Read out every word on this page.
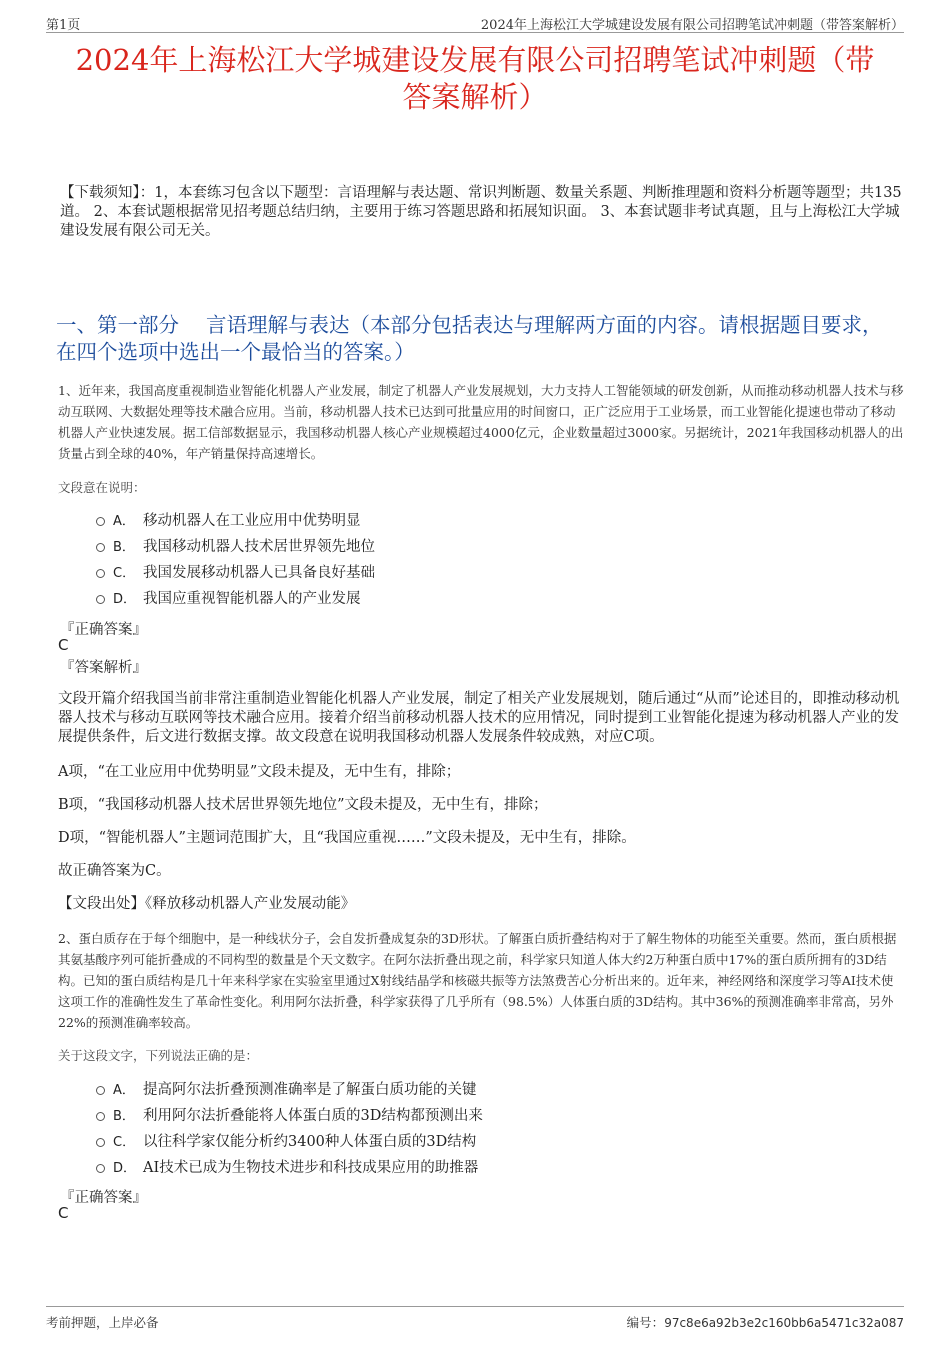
第1页	2024年上海松江大学城建设发展有限公司招聘笔试冲刺题（带答案解析）
2024年上海松江大学城建设发展有限公司招聘笔试冲刺题（带
答案解析）
【下载须知】：1，本套练习包含以下题型：言语理解与表达题、常识判断题、数量关系题、判断推理题和资料分析题等题型；共135道。 2、本套试题根据常见招考题总结归纳，主要用于练习答题思路和拓展知识面。 3、本套试题非考试真题，且与上海松江大学城建设发展有限公司无关。
一、第一部分　 言语理解与表达（本部分包括表达与理解两方面的内容。请根据题目要求，在四个选项中选出一个最恰当的答案。）
1、近年来，我国高度重视制造业智能化机器人产业发展，制定了机器人产业发展规划，大力支持人工智能领域的研发创新，从而推动移动机器人技术与移动互联网、大数据处理等技术融合应用。当前，移动机器人技术已达到可批量应用的时间窗口，正广泛应用于工业场景，而工业智能化提速也带动了移动机器人产业快速发展。据工信部数据显示，我国移动机器人核心产业规模超过4000亿元，企业数量超过3000家。另据统计，2021年我国移动机器人的出货量占到全球的40%，年产销量保持高速增长。
文段意在说明：
A． 移动机器人在工业应用中优势明显
B． 我国移动机器人技术居世界领先地位
C． 我国发展移动机器人已具备良好基础
D． 我国应重视智能机器人的产业发展
『正确答案』
C
『答案解析』
文段开篇介绍我国当前非常注重制造业智能化机器人产业发展，制定了相关产业发展规划，随后通过“从而”论述目的，即推动移动机器人技术与移动互联网等技术融合应用。接着介绍当前移动机器人技术的应用情况，同时提到工业智能化提速为移动机器人产业的发展提供条件，后文进行数据支撑。故文段意在说明我国移动机器人发展条件较成熟，对应C项。
A项，“在工业应用中优势明显”文段未提及，无中生有，排除；
B项，“我国移动机器人技术居世界领先地位”文段未提及，无中生有，排除；
D项，“智能机器人”主题词范围扩大，且“我国应重视……”文段未提及，无中生有，排除。
故正确答案为C。
【文段出处】《释放移动机器人产业发展动能》
2、蛋白质存在于每个细胞中，是一种线状分子，会自发折叠成复杂的3D形状。了解蛋白质折叠结构对于了解生物体的功能至关重要。然而，蛋白质根据其氨基酸序列可能折叠成的不同构型的数量是个天文数字。在阿尔法折叠出现之前，科学家只知道人体大约2万种蛋白质中17%的蛋白质所拥有的3D结构。已知的蛋白质结构是几十年来科学家在实验室里通过X射线结晶学和核磁共振等方法煞费苦心分析出来的。近年来，神经网络和深度学习等AI技术使这项工作的准确性发生了革命性变化。利用阿尔法折叠，科学家获得了几乎所有（98.5%）人体蛋白质的3D结构。其中36%的预测准确率非常高，另外22%的预测准确率较高。
关于这段文字，下列说法正确的是：
A． 提高阿尔法折叠预测准确率是了解蛋白质功能的关键
B． 利用阿尔法折叠能将人体蛋白质的3D结构都预测出来
C． 以往科学家仅能分析约3400种人体蛋白质的3D结构
D． AI技术已成为生物技术进步和科技成果应用的助推器
『正确答案』
C
考前押题，上岸必备	编号：97c8e6a92b3e2c160bb6a5471c32a087
